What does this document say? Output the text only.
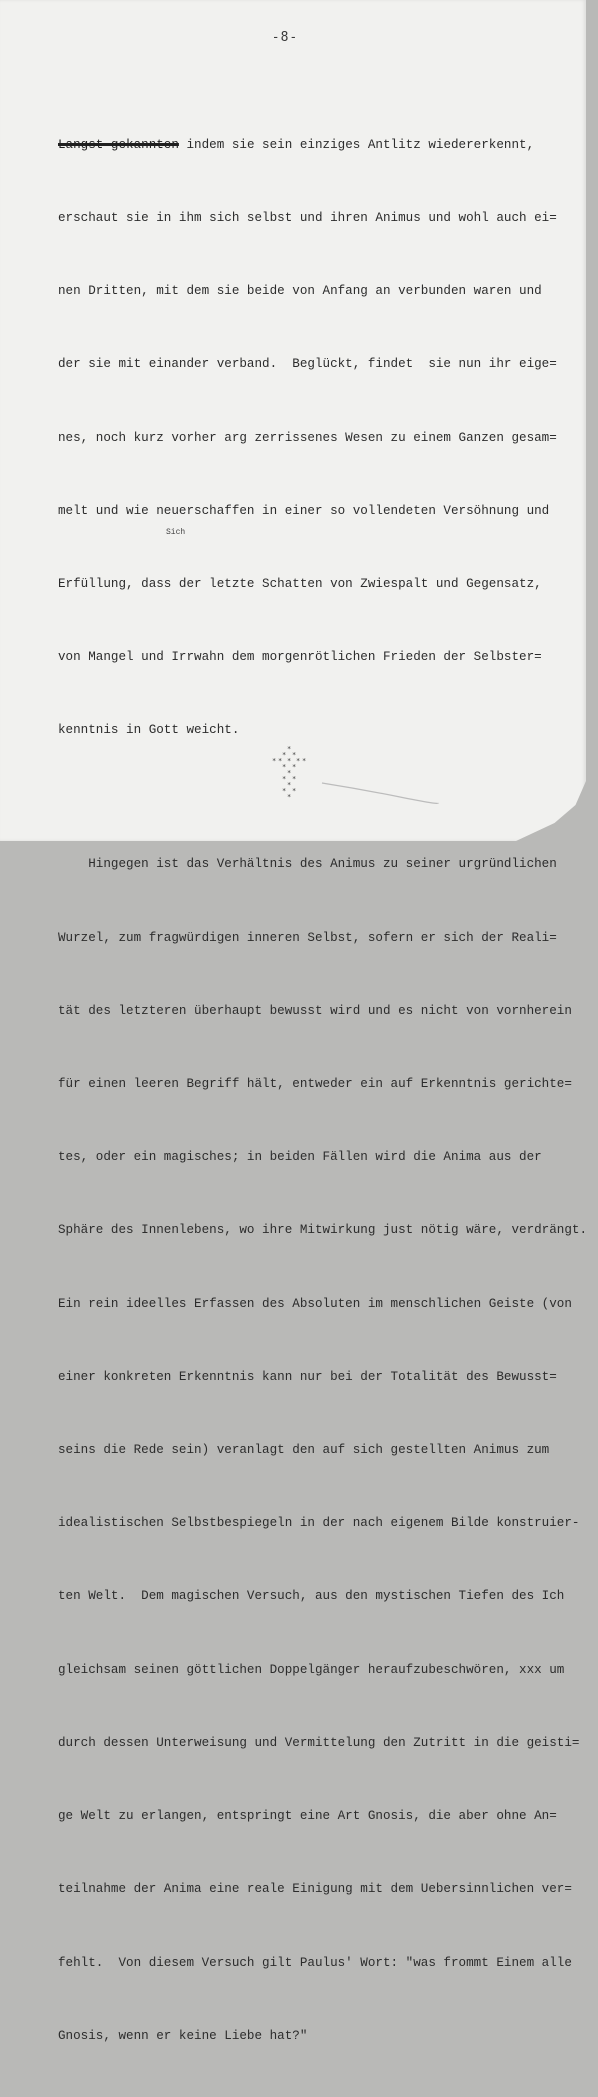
-8-

Langst gekannten indem sie sein einziges Antlitz wiedererkennt,

erschaut sie in ihm sich selbst und ihren Animus und wohl auch ei=

nen Dritten, mit dem sie beide von Anfang an verbunden waren und

der sie mit einander verband.  Beglückt, findet  sie nun ihr eige=

nes, noch kurz vorher arg zerrissenes Wesen zu einem Ganzen gesam=

melt und wie neuerschaffen in einer so vollendeten Versöhnung und

Erfüllung, dass der letzte Schatten von Zwiespalt und Gegensatz,

von Mangel und Irrwahn dem morgenrötlichen Frieden der Selbster=

kenntnis in Gott weicht.

Hingegen ist das Verhältnis des Animus zu seiner urgründlichen

Wurzel, zum fragwürdigen inneren Selbst, sofern er sich der Reali=

tät des letzteren überhaupt bewusst wird und es nicht von vornherein

für einen leeren Begriff hält, entweder ein auf Erkenntnis gerichte=

tes, oder ein magisches; in beiden Fällen wird die Anima aus der

Sphäre des Innenlebens, wo ihre Mitwirkung just nötig wäre, verdrängt.

Ein rein ideelles Erfassen des Absoluten im menschlichen Geiste (von

einer konkreten Erkenntnis kann nur bei der Totalität des Bewusst=

seins die Rede sein) veranlagt den auf sich gestellten Animus zum

idealistischen Selbstbespiegeln in der nach eigenem Bilde konstruier-

ten Welt.  Dem magischen Versuch, aus den mystischen Tiefen des Ich

gleichsam seinen göttlichen Doppelgänger heraufzubeschwören, xxx um

durch dessen Unterweisung und Vermittelung den Zutritt in die geisti=

ge Welt zu erlangen, entspringt eine Art Gnosis, die aber ohne An=

teilnahme der Anima eine reale Einigung mit dem Uebersinnlichen ver=

fehlt.  Von diesem Versuch gilt Paulus' Wort: "was frommt Einem alle

Gnosis, wenn er keine Liebe hat?"

Sich
*
* *
* * * * *
* *
*
* *
*
* *
*
